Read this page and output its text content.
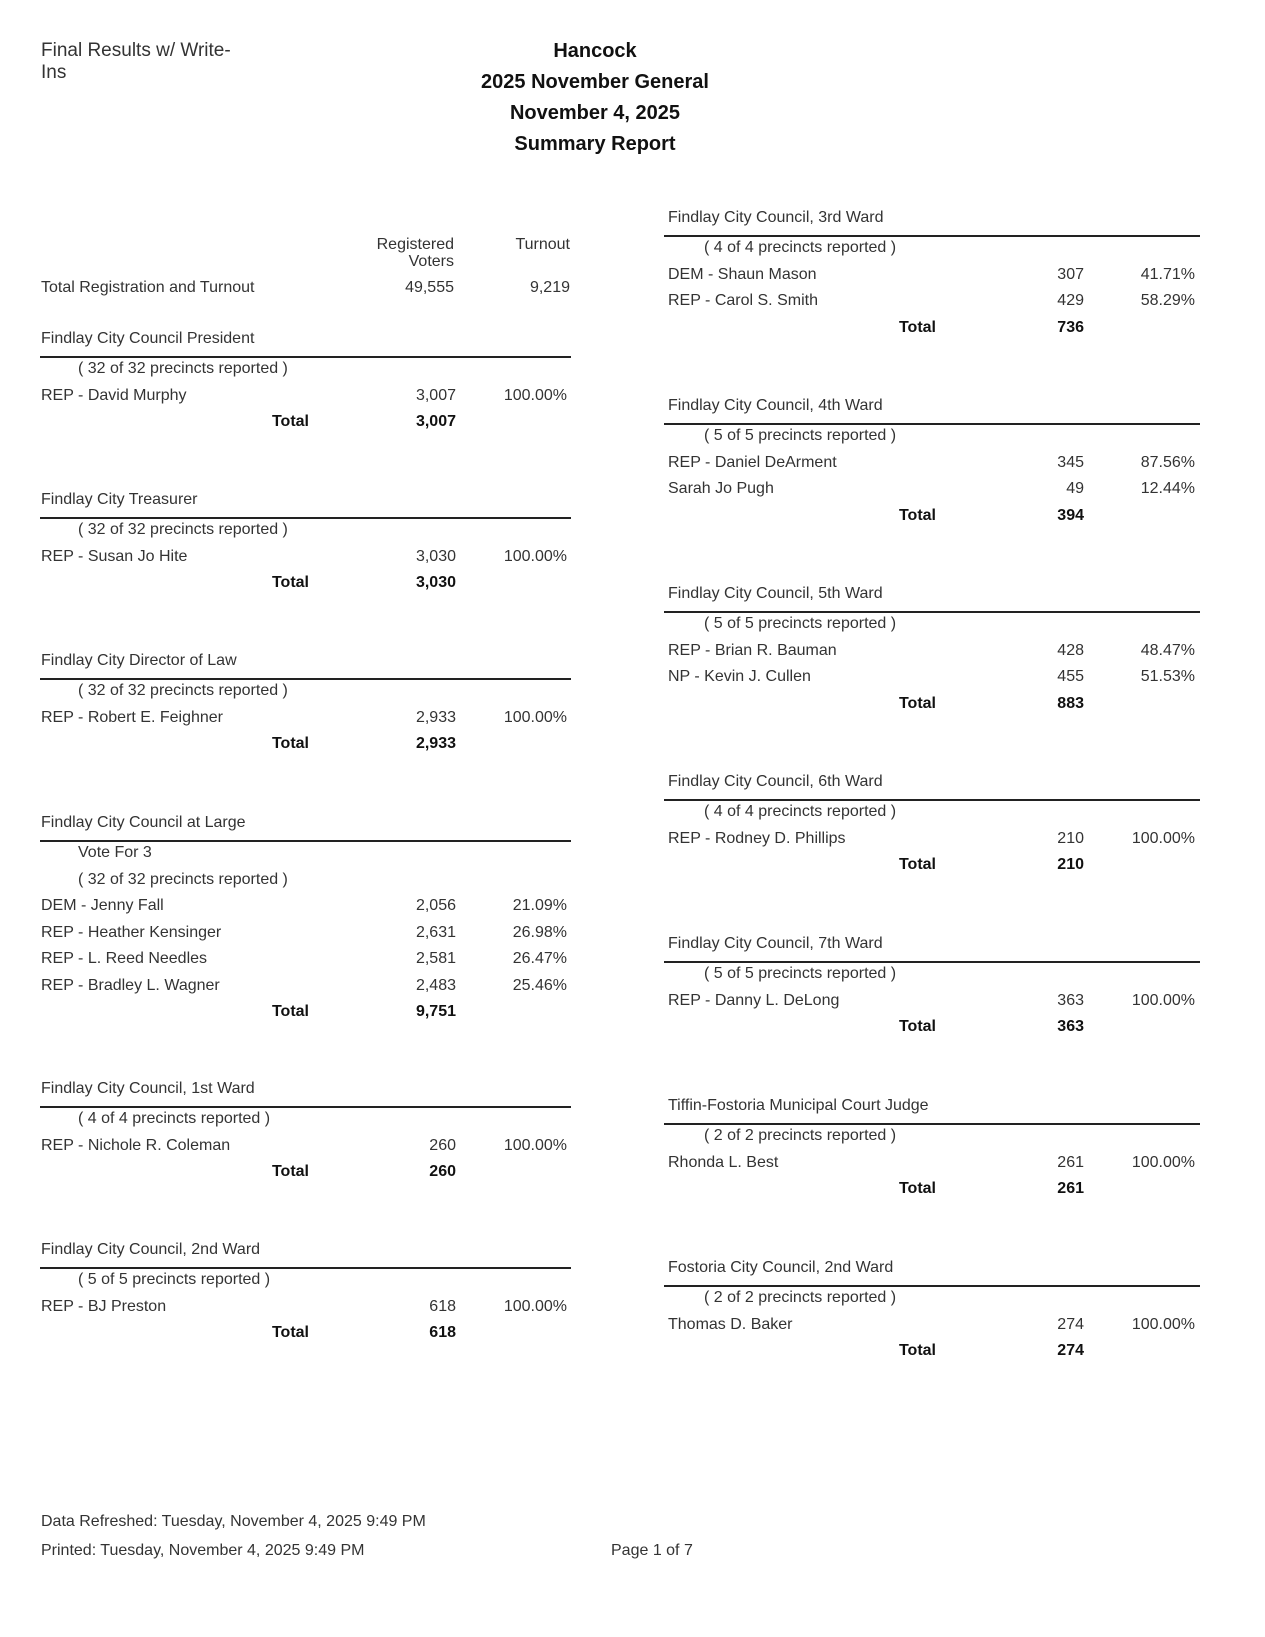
Final Results w/ Write-
Ins
Hancock
2025 November General
November 4, 2025
Summary Report
Registered
Voters
Turnout
Total Registration and Turnout	49,555	9,219
Findlay City Council President
( 32 of 32 precincts reported )
REP - David Murphy	3,007	100.00%
Total	3,007
Findlay City Treasurer
( 32 of 32 precincts reported )
REP - Susan Jo Hite	3,030	100.00%
Total	3,030
Findlay City Director of Law
( 32 of 32 precincts reported )
REP - Robert E. Feighner	2,933	100.00%
Total	2,933
Findlay City Council at Large
Vote For 3
( 32 of 32 precincts reported )
DEM - Jenny Fall	2,056	21.09%
REP - Heather Kensinger	2,631	26.98%
REP - L. Reed Needles	2,581	26.47%
REP - Bradley L. Wagner	2,483	25.46%
Total	9,751
Findlay City Council, 1st Ward
( 4 of 4 precincts reported )
REP - Nichole R. Coleman	260	100.00%
Total	260
Findlay City Council, 2nd Ward
( 5 of 5 precincts reported )
REP - BJ Preston	618	100.00%
Total	618
Findlay City Council, 3rd Ward
( 4 of 4 precincts reported )
DEM - Shaun Mason	307	41.71%
REP - Carol S. Smith	429	58.29%
Total	736
Findlay City Council, 4th Ward
( 5 of 5 precincts reported )
REP - Daniel DeArment	345	87.56%
Sarah Jo Pugh	49	12.44%
Total	394
Findlay City Council, 5th Ward
( 5 of 5 precincts reported )
REP - Brian R. Bauman	428	48.47%
NP - Kevin J. Cullen	455	51.53%
Total	883
Findlay City Council, 6th Ward
( 4 of 4 precincts reported )
REP - Rodney D. Phillips	210	100.00%
Total	210
Findlay City Council, 7th Ward
( 5 of 5 precincts reported )
REP - Danny L. DeLong	363	100.00%
Total	363
Tiffin-Fostoria Municipal Court Judge
( 2 of 2 precincts reported )
Rhonda L. Best	261	100.00%
Total	261
Fostoria City Council, 2nd Ward
( 2 of 2 precincts reported )
Thomas D. Baker	274	100.00%
Total	274
Data Refreshed: Tuesday, November 4, 2025 9:49 PM
Printed: Tuesday, November 4, 2025 9:49 PM	Page 1 of 7
